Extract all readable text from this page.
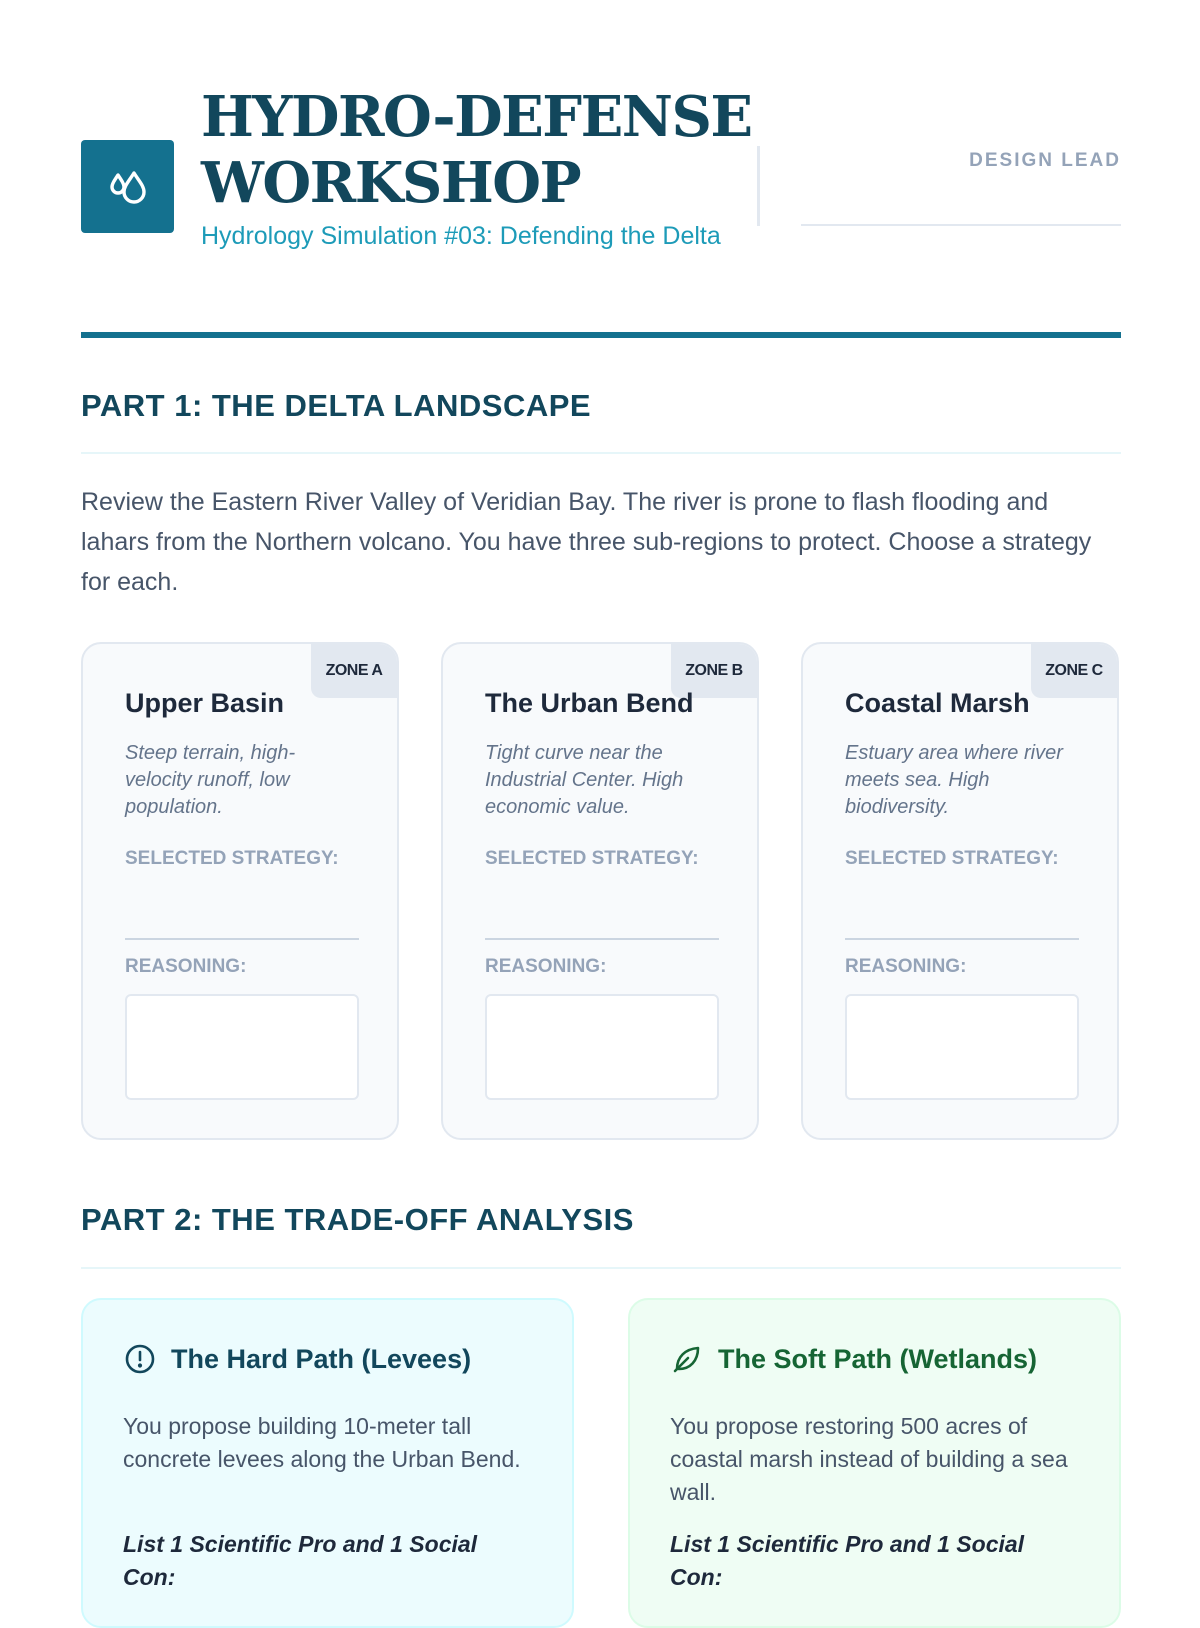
HYDRO-DEFENSE
WORKSHOP
Hydrology Simulation #03: Defending the Delta
DESIGN LEAD
PART 1: THE DELTA LANDSCAPE

Review the Eastern River Valley of Veridian Bay. The river is prone to flash flooding and lahars from the Northern volcano. You have three sub-regions to protect. Choose a strategy for each.

ZONE A
Upper Basin

Steep terrain, high-velocity runoff, low population.

SELECTED STRATEGY:
REASONING:
ZONE B
The Urban Bend

Tight curve near the Industrial Center. High economic value.

SELECTED STRATEGY:
REASONING:
ZONE C
Coastal Marsh

Estuary area where river meets sea. High biodiversity.

SELECTED STRATEGY:
REASONING:
PART 2: THE TRADE-OFF ANALYSIS
The Hard Path (Levees)

You propose building 10-meter tall concrete levees along the Urban Bend.

List 1 Scientific Pro and 1 Social Con:

The Soft Path (Wetlands)

You propose restoring 500 acres of coastal marsh instead of building a sea wall.

List 1 Scientific Pro and 1 Social Con:
